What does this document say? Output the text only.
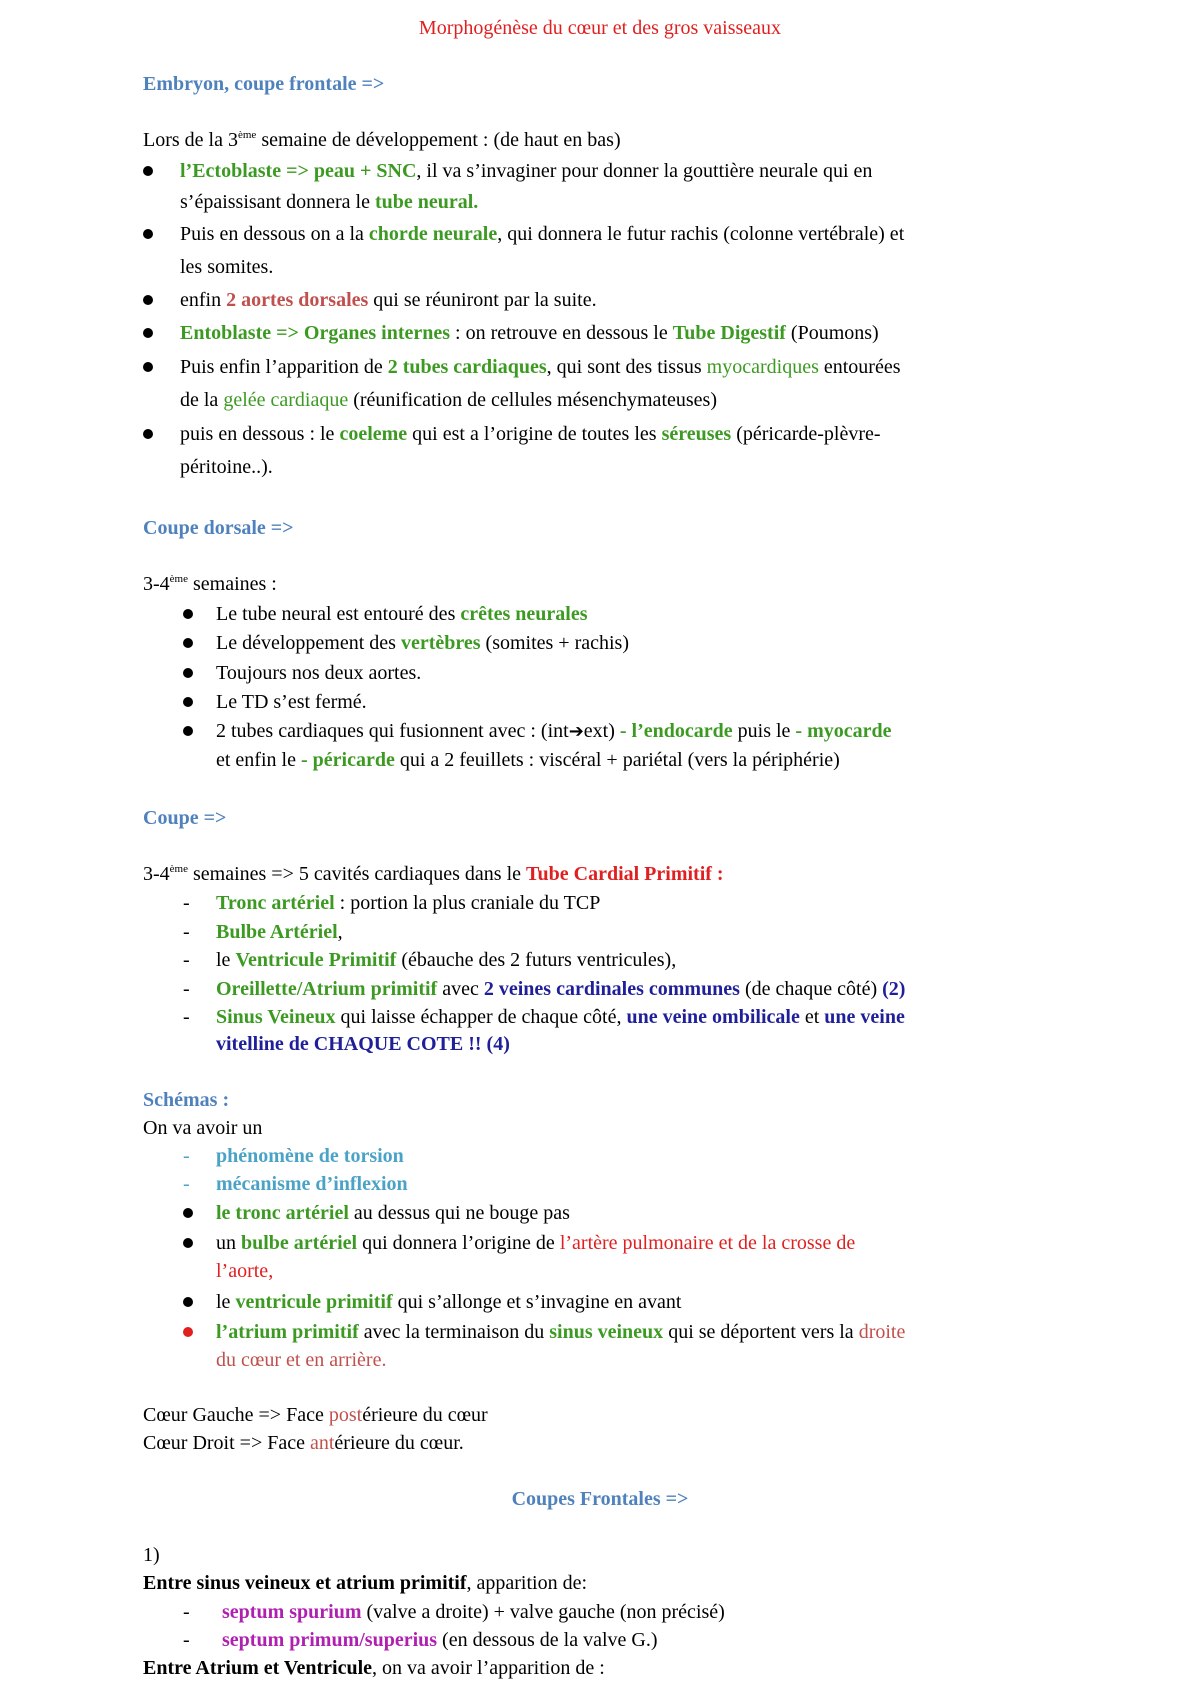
Morphogénèse du cœur et des gros vaisseaux
Embryon, coupe frontale =>
Lors de la 3ème semaine de développement : (de haut en bas)
l’Ectoblaste => peau + SNC, il va s’invaginer pour donner la gouttière neurale qui en
s’épaissisant donnera le tube neural.
Puis en dessous on a la chorde neurale, qui donnera le futur rachis (colonne vertébrale) et
les somites.
enfin 2 aortes dorsales qui se réuniront par la suite.
Entoblaste => Organes internes : on retrouve en dessous le Tube Digestif (Poumons)
Puis enfin l’apparition de 2 tubes cardiaques, qui sont des tissus myocardiques entourées
de la gelée cardiaque (réunification de cellules mésenchymateuses)
puis en dessous : le coeleme qui est a l’origine de toutes les séreuses (péricarde-plèvre-
péritoine..).
Coupe dorsale =>
3-4ème semaines :
Le tube neural est entouré des crêtes neurales
Le développement des vertèbres (somites + rachis)
Toujours nos deux aortes.
Le TD s’est fermé.
2 tubes cardiaques qui fusionnent avec : (int➔ext) - l’endocarde puis le - myocarde
et enfin le - péricarde qui a 2 feuillets : viscéral + pariétal (vers la périphérie)
Coupe =>
3-4ème semaines => 5 cavités cardiaques dans le Tube Cardial Primitif :
- Tronc artériel : portion la plus craniale du TCP
- Bulbe Artériel,
- le Ventricule Primitif (ébauche des 2 futurs ventricules),
- Oreillette/Atrium primitif avec 2 veines cardinales communes (de chaque côté) (2)
- Sinus Veineux qui laisse échapper de chaque côté, une veine ombilicale et une veine
vitelline de CHAQUE COTE !! (4)
Schémas :
On va avoir un
- phénomène de torsion
- mécanisme d’inflexion
le tronc artériel au dessus qui ne bouge pas
un bulbe artériel qui donnera l’origine de l’artère pulmonaire et de la crosse de
l’aorte,
le ventricule primitif qui s’allonge et s’invagine en avant
l’atrium primitif avec la terminaison du sinus veineux qui se déportent vers la droite
du cœur et en arrière.
Cœur Gauche => Face postérieure du cœur
Cœur Droit => Face antérieure du cœur.
Coupes Frontales =>
1)
Entre sinus veineux et atrium primitif, apparition de:
- septum spurium (valve a droite) + valve gauche (non précisé)
- septum primum/superius (en dessous de la valve G.)
Entre Atrium et Ventricule, on va avoir l’apparition de :
